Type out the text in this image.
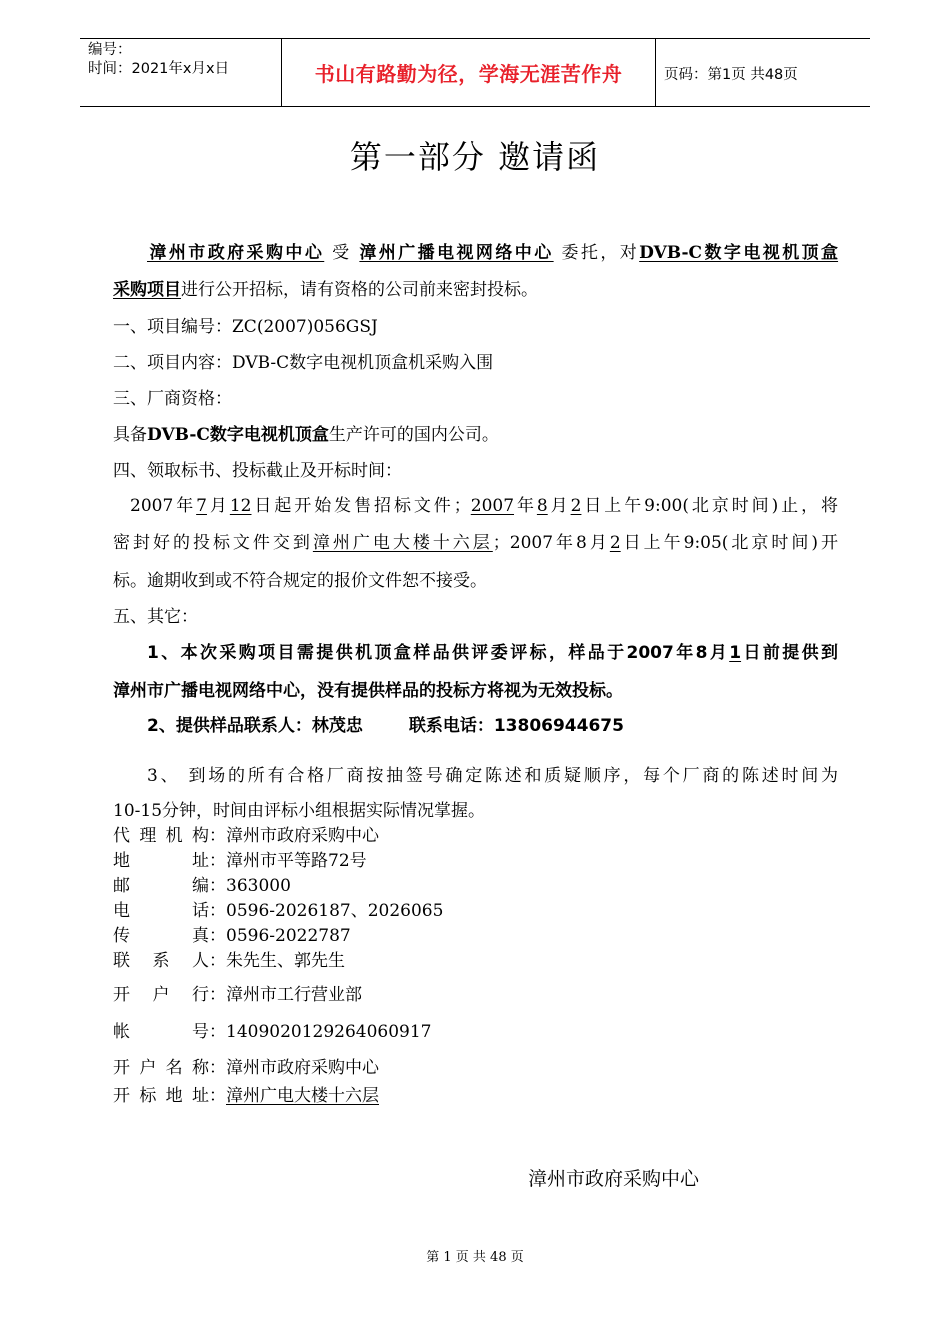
编号：
时间：2021年x月x日	书山有路勤为径，学海无涯苦作舟	页码：第1页 共48页
第一部分 邀请函
漳州市政府采购中心 受 漳州广播电视网络中心 委托，对DVB-C数字电视机顶盒
采购项目进行公开招标，请有资格的公司前来密封投标。
一、项目编号：ZC(2007)056GSJ
二、项目内容：DVB-C数字电视机顶盒机采购入围
三、厂商资格：
具备DVB-C数字电视机顶盒生产许可的国内公司。
四、领取标书、投标截止及开标时间：
2007年7月12日起开始发售招标文件；2007年8月2日上午9:00(北京时间)止，将
密封好的投标文件交到漳州广电大楼十六层；2007年8月2日上午9:05(北京时间)开
标。逾期收到或不符合规定的报价文件恕不接受。
五、其它：
1、本次采购项目需提供机顶盒样品供评委评标，样品于2007年8月1日前提供到
漳州市广播电视网络中心，没有提供样品的投标方将视为无效投标。
2、提供样品联系人：林茂忠	联系电话：13806944675
3、 到场的所有合格厂商按抽签号确定陈述和质疑顺序，每个厂商的陈述时间为
10-15分钟，时间由评标小组根据实际情况掌握。
代理机构：漳州市政府采购中心
地址：漳州市平等路72号
邮编：363000
电话：0596-2026187、2026065
传真：0596-2022787
联系人：朱先生、郭先生
开户行：漳州市工行营业部
帐号：1409020129264060917
开户名称：漳州市政府采购中心
开标地址：漳州广电大楼十六层
漳州市政府采购中心
第 1 页 共 48 页
